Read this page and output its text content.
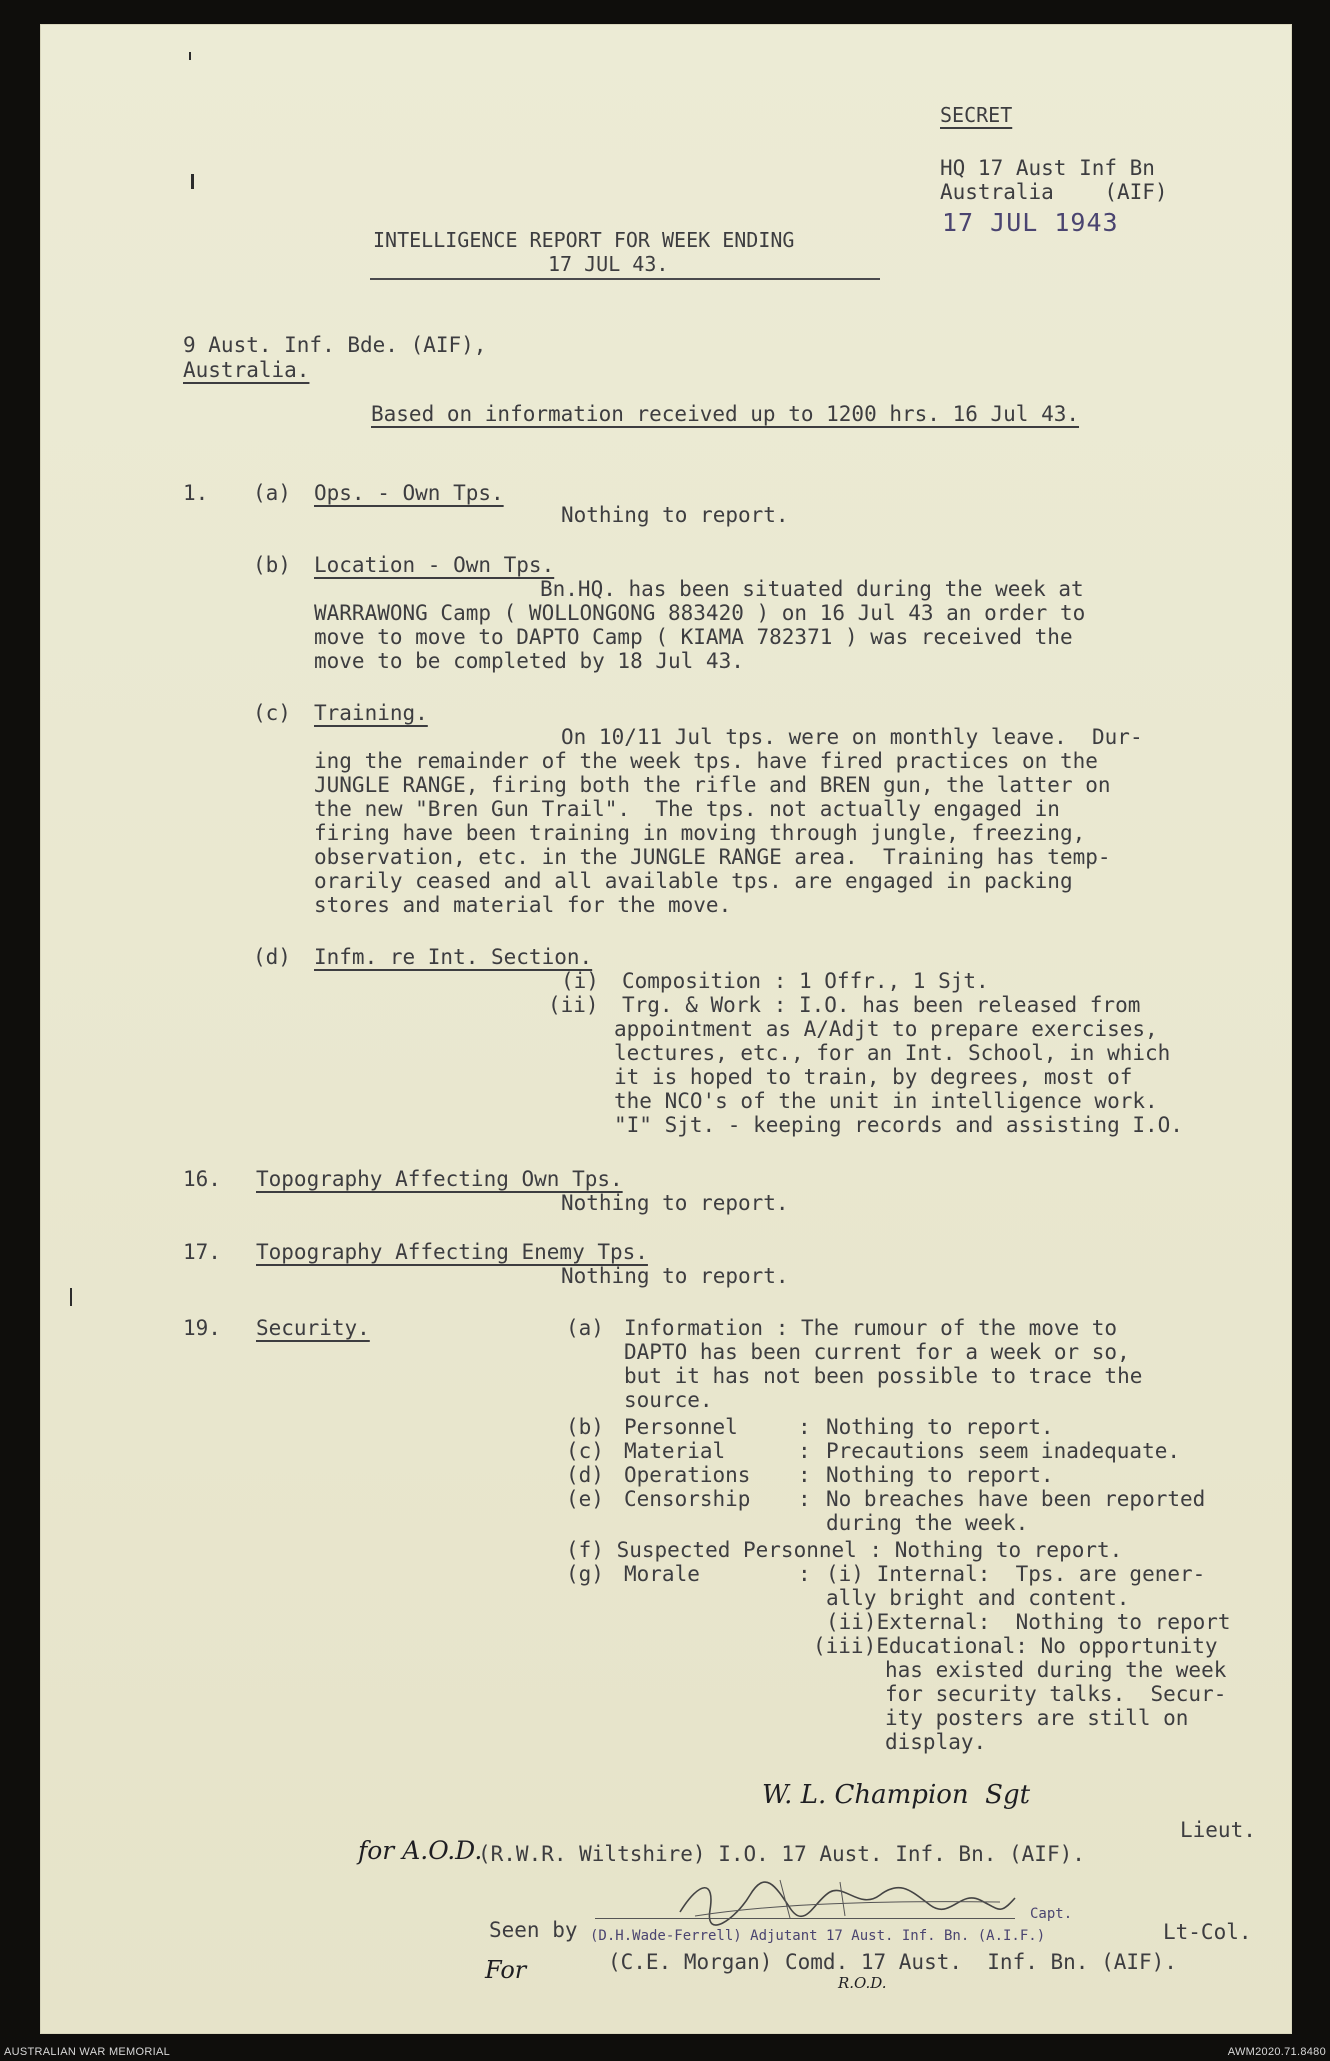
SECRET
HQ 17 Aust Inf Bn
Australia    (AIF)
17 JUL 1943
INTELLIGENCE REPORT FOR WEEK ENDING
17 JUL 43.
9 Aust. Inf. Bde. (AIF),
Australia.
Based on information received up to 1200 hrs. 16 Jul 43.
1. (a) Ops. - Own Tps.
Nothing to report.
(b) Location - Own Tps.
Bn.HQ. has been situated during the week at
WARRAWONG Camp ( WOLLONGONG 883420 ) on 16 Jul 43 an order to
move to move to DAPTO Camp ( KIAMA 782371 ) was received the
move to be completed by 18 Jul 43.
(c) Training.
On 10/11 Jul tps. were on monthly leave.  Dur-
ing the remainder of the week tps. have fired practices on the
JUNGLE RANGE, firing both the rifle and BREN gun, the latter on
the new "Bren Gun Trail".  The tps. not actually engaged in
firing have been training in moving through jungle, freezing,
observation, etc. in the JUNGLE RANGE area.  Training has temp-
orarily ceased and all available tps. are engaged in packing
stores and material for the move.
(d) Infm. re Int. Section.
(i) Composition : 1 Offr., 1 Sjt.
(ii) Trg. & Work : I.O. has been released from
appointment as A/Adjt to prepare exercises,
lectures, etc., for an Int. School, in which
it is hoped to train, by degrees, most of
the NCO's of the unit in intelligence work.
"I" Sjt. - keeping records and assisting I.O.
16. Topography Affecting Own Tps.
Nothing to report.
17. Topography Affecting Enemy Tps.
Nothing to report.
19. Security.	(a) Information : The rumour of the move to
DAPTO has been current for a week or so,
but it has not been possible to trace the
source.
(b) Personnel	: Nothing to report.
(c) Material	: Precautions seem inadequate.
(d) Operations : Nothing to report.
(e) Censorship : No breaches have been reported
during the week.
(f) Suspected Personnel : Nothing to report.
(g) Morale	: (i) Internal:  Tps. are gener-
ally bright and content.
(ii)External:  Nothing to report
(iii)Educational: No opportunity
has existed during the week
for security talks.  Secur-
ity posters are still on
display.
W. L. Champion  Sgt
Lieut.
for A.O.D.
(R.W.R. Wiltshire) I.O. 17 Aust. Inf. Bn. (AIF).
Capt.
Seen by (D.H.Wade-Ferrell) Adjutant 17 Aust. Inf. Bn. (A.I.F.)	Lt-Col.
For	(C.E. Morgan) Comd. 17 Aust.  Inf. Bn. (AIF).
R.O.D.
AUSTRALIAN WAR MEMORIAL	AWM2020.71.8480
